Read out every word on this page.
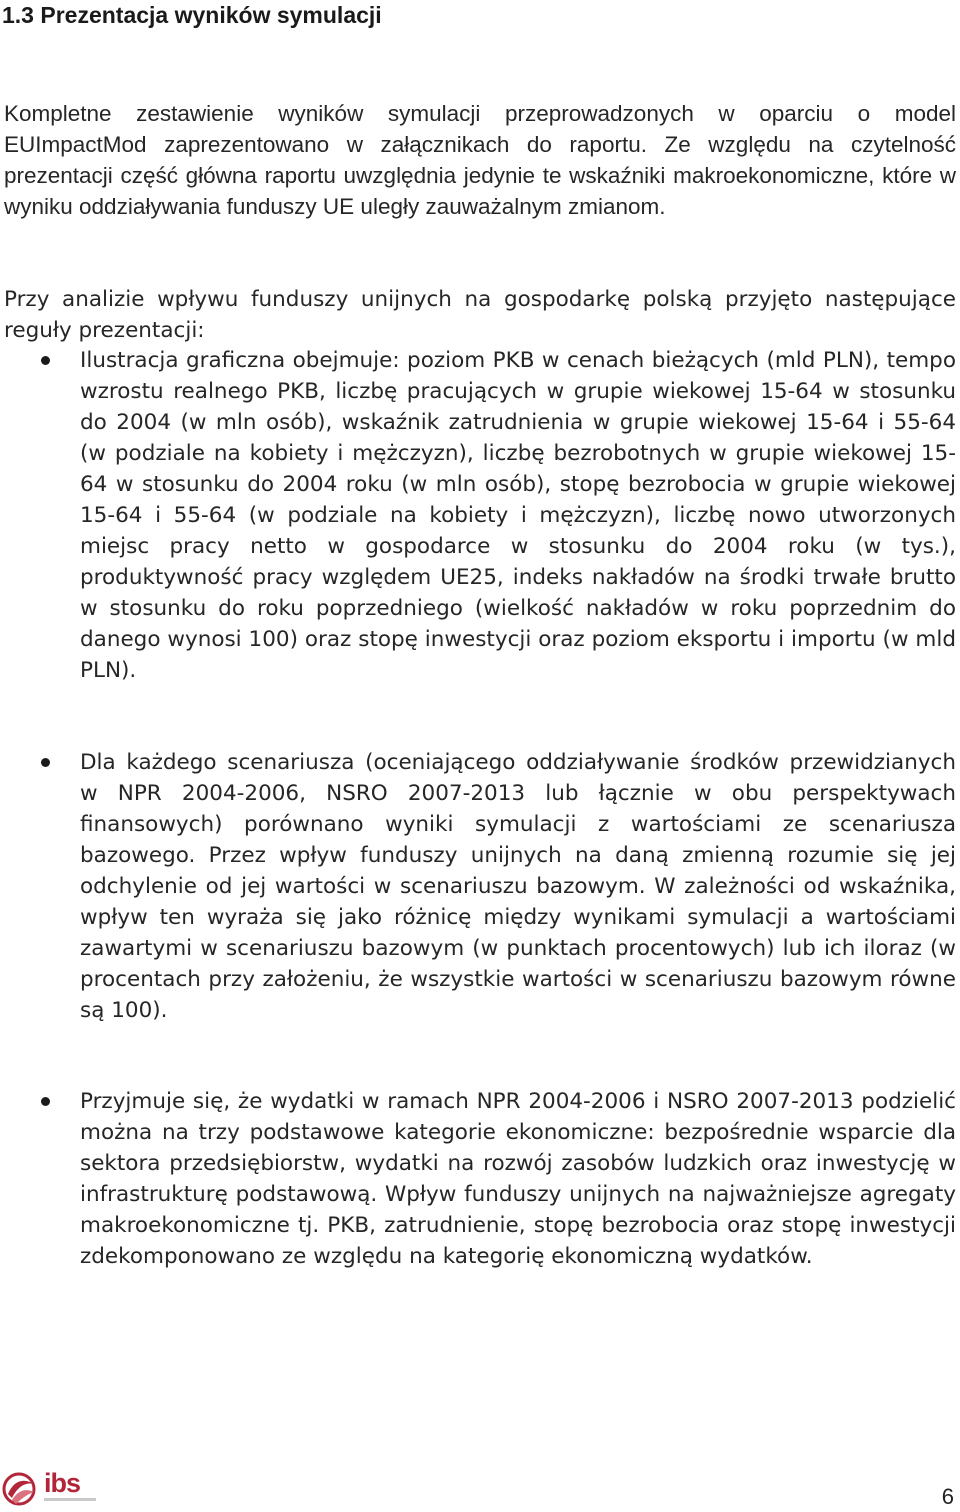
1.3 Prezentacja wyników symulacji

Kompletne zestawienie wyników symulacji przeprowadzonych w oparciu o model EUImpactMod zaprezentowano w załącznikach do raportu. Ze względu na czytelność prezentacji część główna raportu uwzględnia jedynie te wskaźniki makroekonomiczne, które w wyniku oddziaływania funduszy UE uległy zauważalnym zmianom.

Przy analizie wpływu funduszy unijnych na gospodarkę polską przyjęto następujące reguły prezentacji:

Ilustracja graficzna obejmuje: poziom PKB w cenach bieżących (mld PLN), tempo wzrostu realnego PKB, liczbę pracujących w grupie wiekowej 15-64 w stosunku do 2004 (w mln osób), wskaźnik zatrudnienia w grupie wiekowej 15-64 i 55-64 (w podziale na kobiety i mężczyzn), liczbę bezrobotnych w grupie wiekowej 15-64 w stosunku do 2004 roku (w mln osób), stopę bezrobocia w grupie wiekowej 15-64 i 55-64 (w podziale na kobiety i mężczyzn), liczbę nowo utworzonych miejsc pracy netto w gospodarce w stosunku do 2004 roku (w tys.), produktywność pracy względem UE25, indeks nakładów na środki trwałe brutto w stosunku do roku poprzedniego (wielkość nakładów w roku poprzednim do danego wynosi 100) oraz stopę inwestycji oraz poziom eksportu i importu (w mld PLN).

Dla każdego scenariusza (oceniającego oddziaływanie środków przewidzianych w NPR 2004-2006, NSRO 2007-2013 lub łącznie w obu perspektywach finansowych) porównano wyniki symulacji z wartościami ze scenariusza bazowego. Przez wpływ funduszy unijnych na daną zmienną rozumie się jej odchylenie od jej wartości w scenariuszu bazowym. W zależności od wskaźnika, wpływ ten wyraża się jako różnicę między wynikami symulacji a wartościami zawartymi w scenariuszu bazowym (w punktach procentowych) lub ich iloraz (w procentach przy założeniu, że wszystkie wartości w scenariuszu bazowym równe są 100).

Przyjmuje się, że wydatki w ramach NPR 2004-2006 i NSRO 2007-2013 podzielić można na trzy podstawowe kategorie ekonomiczne: bezpośrednie wsparcie dla sektora przedsiębiorstw, wydatki na rozwój zasobów ludzkich oraz inwestycję w infrastrukturę podstawową. Wpływ funduszy unijnych na najważniejsze agregaty makroekonomiczne tj. PKB, zatrudnienie, stopę bezrobocia oraz stopę inwestycji zdekomponowano ze względu na kategorię ekonomiczną wydatków.

ibs	6
